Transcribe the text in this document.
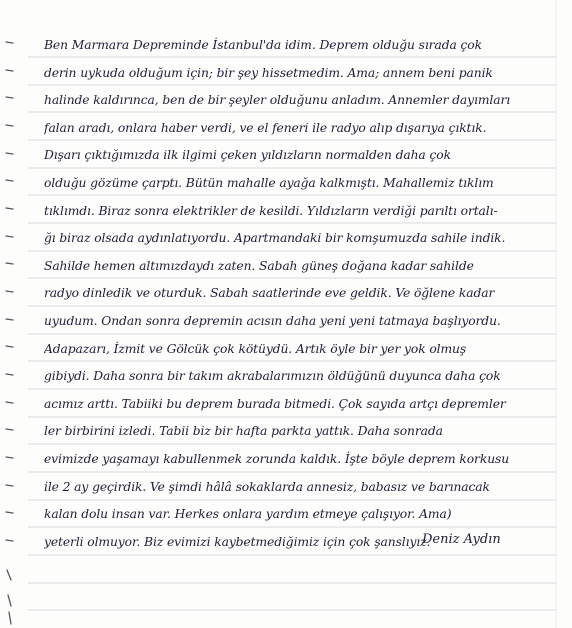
Ben Marmara Depreminde İstanbul'da idim. Deprem olduğu sırada çok
derin uykuda olduğum için; bir şey hissetmedim. Ama; annem beni panik
halinde kaldırınca, ben de bir şeyler olduğunu anladım. Annemler dayımları
falan aradı, onlara haber verdi, ve el feneri ile radyo alıp dışarıya çıktık.
Dışarı çıktığımızda ilk ilgimi çeken yıldızların normalden daha çok
olduğu gözüme çarptı. Bütün mahalle ayağa kalkmıştı. Mahallemiz tıklım
tıklımdı. Biraz sonra elektrikler de kesildi. Yıldızların verdiği parıltı ortalı-
ğı biraz olsada aydınlatıyordu. Apartmandaki bir komşumuzda sahile indik.
Sahilde hemen altımızdaydı zaten. Sabah güneş doğana kadar sahilde
radyo dinledik ve oturduk. Sabah saatlerinde eve geldik. Ve öğlene kadar
uyudum. Ondan sonra depremin acısın daha yeni yeni tatmaya başlıyordu.
Adapazarı, İzmit ve Gölcük çok kötüydü. Artık öyle bir yer yok olmuş
gibiydi. Daha sonra bir takım akrabalarımızın öldüğünü duyunca daha çok
acımız arttı. Tabiiki bu deprem burada bitmedi. Çok sayıda artçı depremler
ler birbirini izledi. Tabii biz bir hafta parkta yattık. Daha sonrada
evimizde yaşamayı kabullenmek zorunda kaldık. İşte böyle deprem korkusu
ile 2 ay geçirdik. Ve şimdi hâlâ sokaklarda annesiz, babasız ve barınacak
kalan dolu insan var. Herkes onlara yardım etmeye çalışıyor. Ama)
yeterli olmuyor. Biz evimizi kaybetmediğimiz için çok şanslıyız.
Deniz Aydın
